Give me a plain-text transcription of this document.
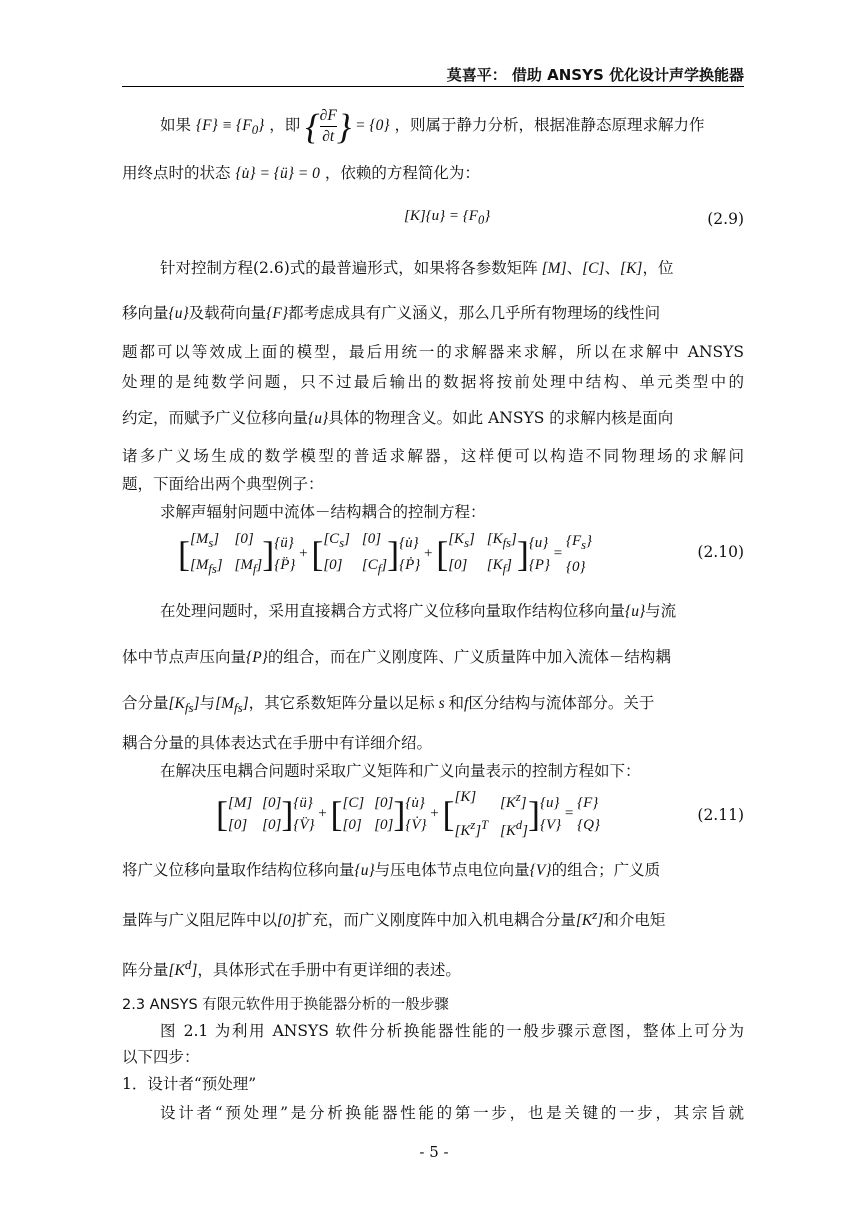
莫喜平： 借助 ANSYS 优化设计声学换能器
如果 $\{F\} \equiv \{F_0\}$ ，即 { $\frac{\partial F}{\partial t}$ } = {0} ，则属于静力分析，根据准静态原理求解力作
用终点时的状态 {u̇} = {ü} = 0 ，依赖的方程简化为：
$[K]\{u\} = \{F_0\}$	(2.9)
针对控制方程(2.6)式的最普遍形式，如果将各参数矩阵 [M]、[C]、[K]，位
移向量{u}及载荷向量{F}都考虑成具有广义涵义，那么几乎所有物理场的线性问
题都可以等效成上面的模型，最后用统一的求解器来求解，所以在求解中 ANSYS
处理的是纯数学问题，只不过最后输出的数据将按前处理中结构、单元类型中的
约定，而赋予广义位移向量{u}具体的物理含义。如此 ANSYS 的求解内核是面向
诸多广义场生成的数学模型的普适求解器，这样便可以构造不同物理场的求解问
题，下面给出两个典型例子：
求解声辐射问题中流体－结构耦合的控制方程：
[ $[M_s]$ [0]
$[M_{fs}]$ $[M_f]$ ] {ü}
{P̈}
+ [ $[C_s]$ [0]
[0]	$[C_f]$ ] {u̇}
{Ṗ}
+ [ $[K_s]$ $[K_{fs}]$
[0]	$[K_f]$ ] {u}
{P}
=
$\{F_s\}$
{0}
(2.10)
在处理问题时，采用直接耦合方式将广义位移向量取作结构位移向量{u}与流
体中节点声压向量{P}的组合，而在广义刚度阵、广义质量阵中加入流体－结构耦
合分量$[K_{fs}]$与$[M_{fs}]$，其它系数矩阵分量以足标 s 和f区分结构与流体部分。关于
耦合分量的具体表达式在手册中有详细介绍。
在解决压电耦合问题时采取广义矩阵和广义向量表示的控制方程如下：
[ [M] [0]
[0] [0] ] {ü}
{V̈}
+ [ [C] [0]
[0] [0] ] {u̇}
{V̇}
+ [ [K]	$[K^z]$
$[K^z]^T$ $[K^d]$ ] {u}
{V}
=
{F}
{Q}
(2.11)
将广义位移向量取作结构位移向量{u}与压电体节点电位向量{V}的组合；广义质
量阵与广义阻尼阵中以[0]扩充，而广义刚度阵中加入机电耦合分量$[K^z]$和介电矩
阵分量$[K^d]$，具体形式在手册中有更详细的表述。
2.3 ANSYS 有限元软件用于换能器分析的一般步骤
图 2.1 为利用 ANSYS 软件分析换能器性能的一般步骤示意图，整体上可分为
以下四步：
1．设计者“预处理”
设计者“预处理”是分析换能器性能的第一步，也是关键的一步，其宗旨就
- 5 -
